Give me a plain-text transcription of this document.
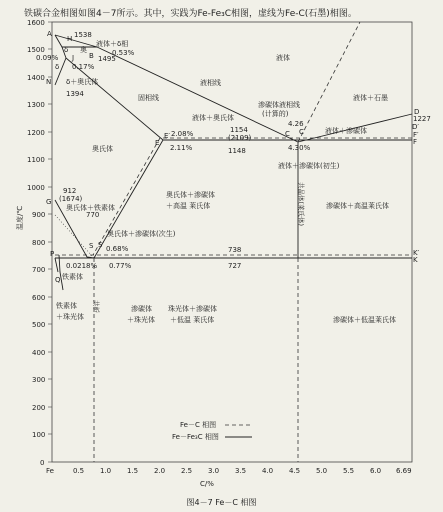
铁碳合金相图如图4－7所示。其中，实践为Fe-Fe₃C相图，虚线为Fe-C(石墨)相图。
1600
1500
1400
1300
1200
1100
1000
900
800
700
600
500
400
300
200
100
0
温度/℃
Fe	0.5 1.0 1.5 2.0 2.5 3.0 3.5 4.0 4.5 5.0 5.5 6.0 6.69
C/%
A
H
J B
N
D
D′
E
E′	C C′
F
F′
G
S S′
P
K
K′
Q
1538
1495
0.53%
0.09%
0.17%
1394
2.08%
2.11%
1154
(2109)
1148
4.26
4.30%
912
(1674)
770
0.68%	738
727
0.0218% 0.77%
1227
液体
液体＋δ相
δ
δ＋奥氏体
δ 奥
液体＋奥氏体
固相线
液相线
渗碳体液相线
(计算的)
液体＋渗碳体
液体＋石墨
奥氏体
液体＋渗碳体(初生)
奥氏体＋铁素体
奥氏体＋渗碳体
＋高温 莱氏体	渗碳体＋高温莱氏体
奥氏体＋渗碳体(次生)
铁素体
铁素体
＋珠光体
渗碳体
＋珠光体
珠光体＋渗碳体
＋低温 莱氏体	渗碳体＋低温莱氏体
共析
共晶体(莱氏体)
Fe－C 相图
Fe－Fe₃C 相图
图4－7 Fe－C 相图
